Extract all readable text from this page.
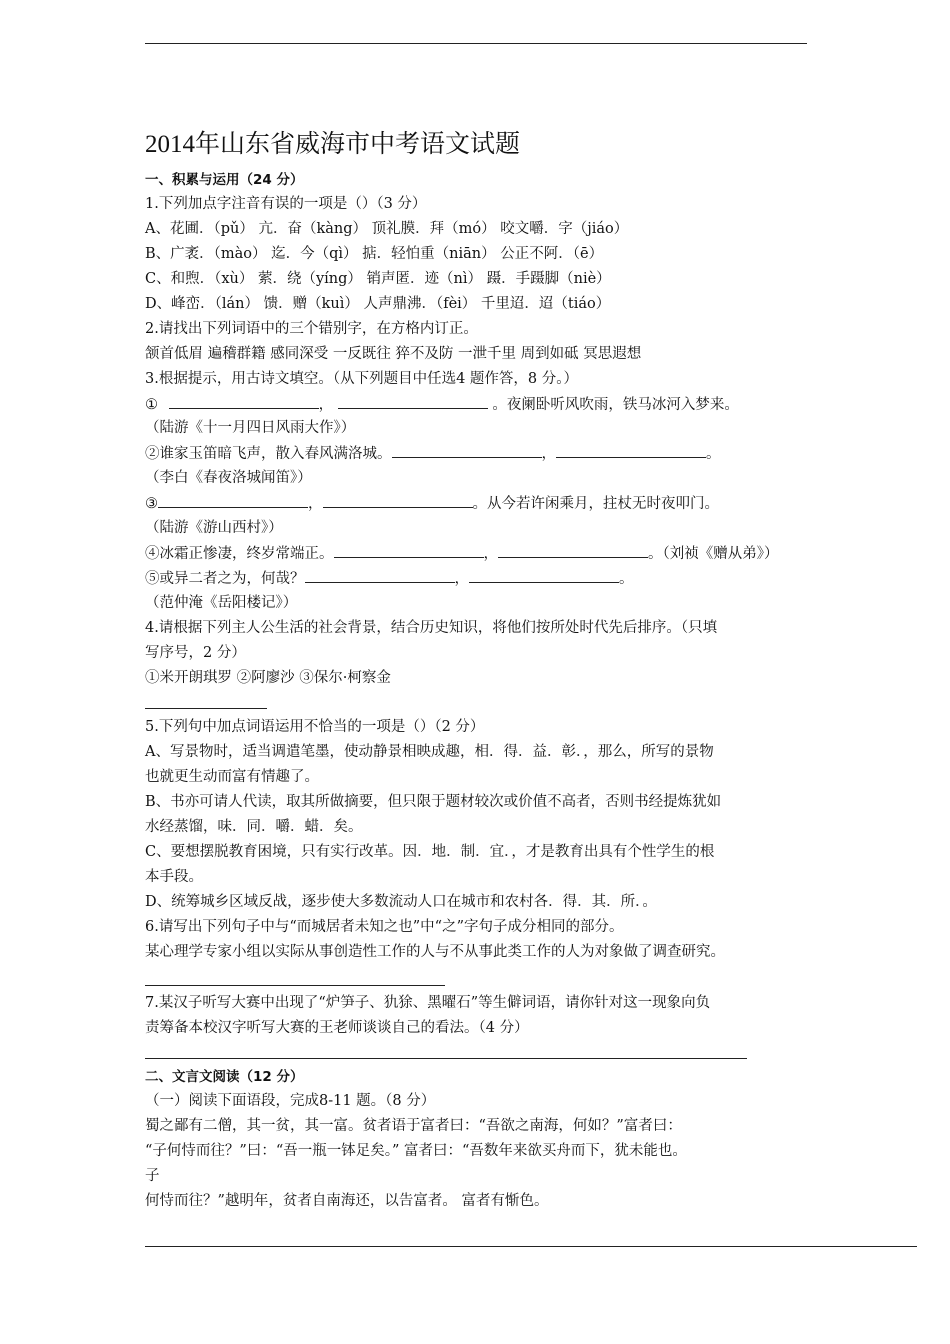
2014年山东省威海市中考语文试题
一、积累与运用（24 分）
1.下列加点字注音有误的一项是（）（3 分）
A、花圃．（pǔ） 亢．奋（kàng） 顶礼膜．拜（mó） 咬文嚼．字（jiáo）
B、广袤．（mào） 迄．今（qì） 掂．轻怕重（niān） 公正不阿．（ē）
C、和煦．（xù） 萦．绕（yíng） 销声匿．迹（nì） 蹑．手蹑脚（niè）
D、峰峦．（lán） 馈．赠（kuì） 人声鼎沸．（fèi） 千里迢．迢（tiáo）
2.请找出下列词语中的三个错别字，在方格内订正。
颔首低眉 遍稽群籍 感同深受 一反既往 猝不及防 一泄千里 周到如砥 冥思遐想
3.根据提示，用古诗文填空。（从下列题目中任选4 题作答，8 分。）
①	，	。夜阑卧听风吹雨，铁马冰河入梦来。
（陆游《十一月四日风雨大作》）
②谁家玉笛暗飞声，散入春风满洛城。	，	。
（李白《春夜洛城闻笛》）
③	，	。从今若许闲乘月，拄杖无时夜叩门。
（陆游《游山西村》）
④冰霜正惨凄，终岁常端正。	，	。（刘祯《赠从弟》）
⑤或异二者之为，何哉？	，	。
（范仲淹《岳阳楼记》）
4.请根据下列主人公生活的社会背景，结合历史知识，将他们按所处时代先后排序。（只填
写序号，2 分）
①米开朗琪罗 ②阿廖沙 ③保尔·柯察金
5.下列句中加点词语运用不恰当的一项是（）（2 分）
A、写景物时，适当调遣笔墨，使动静景相映成趣，相．得．益．彰．，那么，所写的景物
也就更生动而富有情趣了。
B、书亦可请人代读，取其所做摘要，但只限于题材较次或价值不高者，否则书经提炼犹如
水经蒸馏，味．同．嚼．蜡．矣。
C、要想摆脱教育困境，只有实行改革。因．地．制．宜．，才是教育出具有个性学生的根
本手段。
D、统筹城乡区域反战，逐步使大多数流动人口在城市和农村各．得．其．所．。
6.请写出下列句子中与“而城居者未知之也”中“之”字句子成分相同的部分。
某心理学专家小组以实际从事创造性工作的人与不从事此类工作的人为对象做了调查研究。
7.某汉子听写大赛中出现了“炉笋子、犰狳、黑曜石”等生僻词语，请你针对这一现象向负
责筹备本校汉字听写大赛的王老师谈谈自己的看法。（4 分）
二、文言文阅读（12 分）
（一）阅读下面语段，完成8-11 题。（8 分）
蜀之鄙有二僧，其一贫，其一富。贫者语于富者曰：“吾欲之南海，何如？”富者曰：
“子何恃而往？”曰：“吾一瓶一钵足矣。” 富者曰：“吾数年来欲买舟而下，犹未能也。
子
何恃而往？”越明年，贫者自南海还，以告富者。 富者有惭色。
